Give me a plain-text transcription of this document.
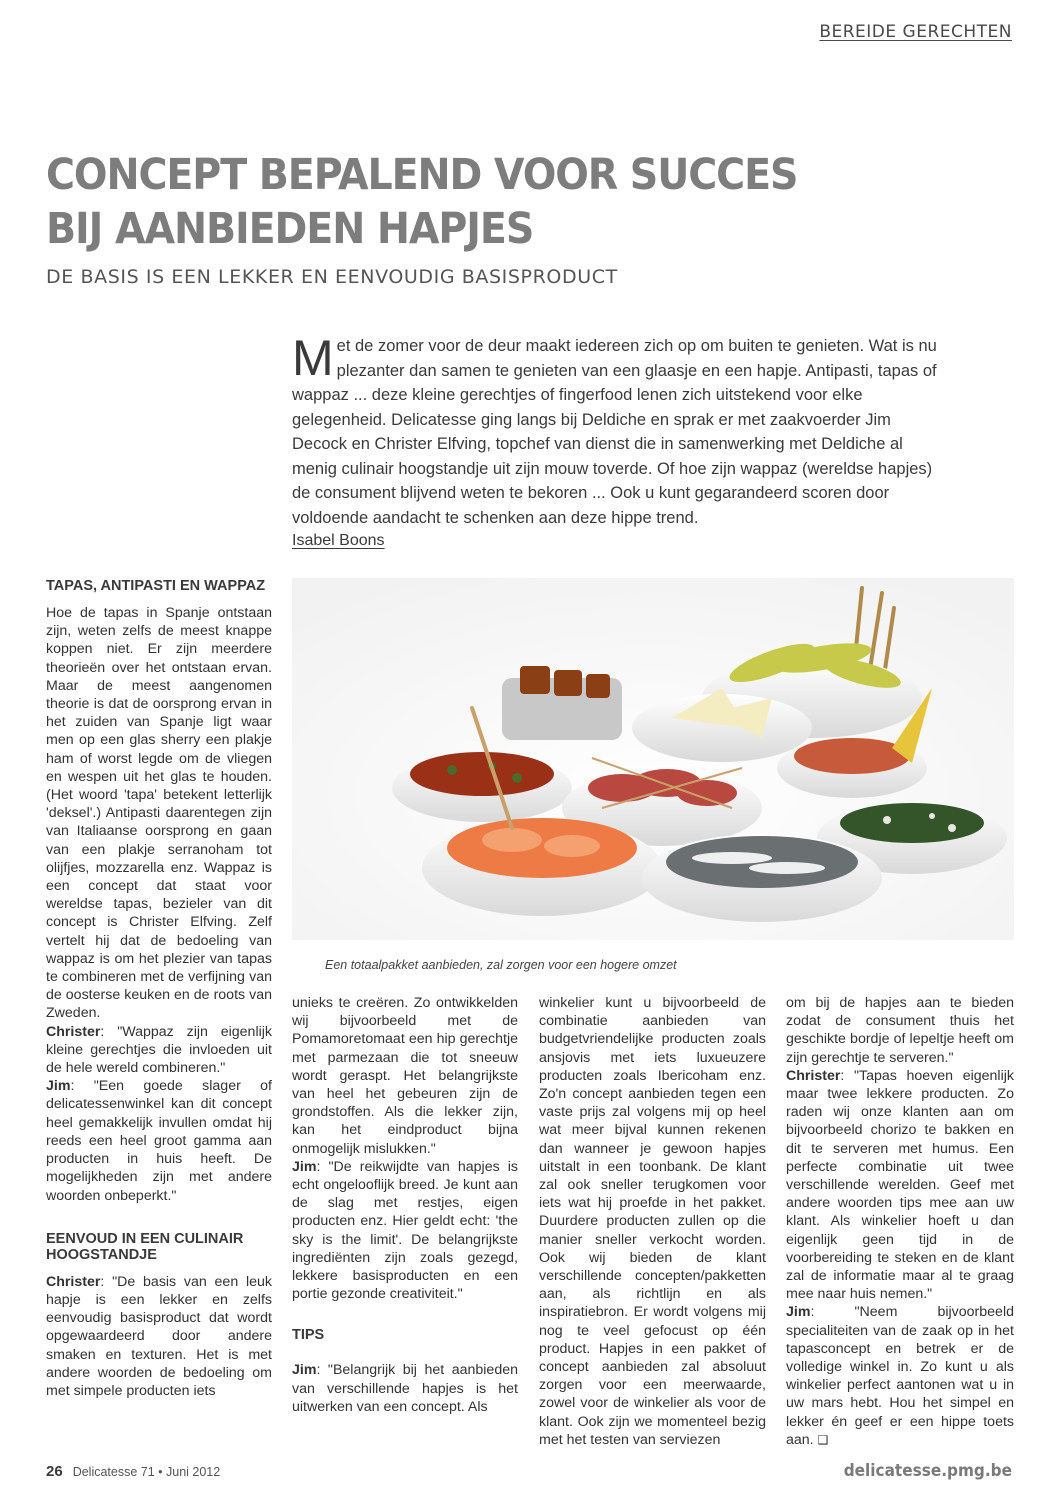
BEREIDE GERECHTEN
CONCEPT BEPALEND VOOR SUCCES
BIJ AANBIEDEN HAPJES
DE BASIS IS EEN LEKKER EN EENVOUDIG BASISPRODUCT
Met de zomer voor de deur maakt iedereen zich op om buiten te genieten. Wat is nu plezanter dan samen te genieten van een glaasje en een hapje. Antipasti, tapas of wappaz ... deze kleine gerechtjes of fingerfood lenen zich uitstekend voor elke gelegenheid. Delicatesse ging langs bij Deldiche en sprak er met zaakvoerder Jim Decock en Christer Elfving, topchef van dienst die in samenwerking met Deldiche al menig culinair hoogstandje uit zijn mouw toverde. Of hoe zijn wappaz (wereldse hapjes) de consument blijvend weten te bekoren ... Ook u kunt gegarandeerd scoren door voldoende aandacht te schenken aan deze hippe trend.
Isabel Boons
Een totaalpakket aanbieden, zal zorgen voor een hogere omzet
TAPAS, ANTIPASTI EN WAPPAZ

Hoe de tapas in Spanje ontstaan zijn, weten zelfs de meest knappe koppen niet. Er zijn meerdere theorieën over het ontstaan ervan. Maar de meest aangenomen theorie is dat de oorsprong ervan in het zuiden van Spanje ligt waar men op een glas sherry een plakje ham of worst legde om de vliegen en wespen uit het glas te houden. (Het woord 'tapa' betekent letterlijk 'deksel'.) Antipasti daarentegen zijn van Italiaanse oorsprong en gaan van een plakje serranoham tot olijfjes, mozzarella enz. Wappaz is een concept dat staat voor wereldse tapas, bezieler van dit concept is Christer Elfving. Zelf vertelt hij dat de bedoeling van wappaz is om het plezier van tapas te combineren met de verfijning van de oosterse keuken en de roots van Zweden.

Christer: "Wappaz zijn eigenlijk kleine gerechtjes die invloeden uit de hele wereld combineren."

Jim: "Een goede slager of delicatessenwinkel kan dit concept heel gemakkelijk invullen omdat hij reeds een heel groot gamma aan producten in huis heeft. De mogelijkheden zijn met andere woorden onbeperkt."

EENVOUD IN EEN CULINAIR HOOGSTANDJE

Christer: "De basis van een leuk hapje is een lekker en zelfs eenvoudig basisproduct dat wordt opgewaardeerd door andere smaken en texturen. Het is met andere woorden de bedoeling om met simpele producten iets

unieks te creëren. Zo ontwikkelden wij bijvoorbeeld met de Pomamoretomaat een hip gerechtje met parmezaan die tot sneeuw wordt geraspt. Het belangrijkste van heel het gebeuren zijn de grondstoffen. Als die lekker zijn, kan het eindproduct bijna onmogelijk mislukken."

Jim: "De reikwijdte van hapjes is echt ongelooflijk breed. Je kunt aan de slag met restjes, eigen producten enz. Hier geldt echt: 'the sky is the limit'. De belangrijkste ingrediënten zijn zoals gezegd, lekkere basisproducten en een portie gezonde creativiteit."

TIPS

Jim: "Belangrijk bij het aanbieden van verschillende hapjes is het uitwerken van een concept. Als

winkelier kunt u bijvoorbeeld de combinatie aanbieden van budgetvriendelijke producten zoals ansjovis met iets luxueuzere producten zoals Ibericoham enz. Zo'n concept aanbieden tegen een vaste prijs zal volgens mij op heel wat meer bijval kunnen rekenen dan wanneer je gewoon hapjes uitstalt in een toonbank. De klant zal ook sneller terugkomen voor iets wat hij proefde in het pakket. Duurdere producten zullen op die manier sneller verkocht worden. Ook wij bieden de klant verschillende concepten/pakketten aan, als richtlijn en als inspiratiebron. Er wordt volgens mij nog te veel gefocust op één product. Hapjes in een pakket of concept aanbieden zal absoluut zorgen voor een meerwaarde, zowel voor de winkelier als voor de klant. Ook zijn we momenteel bezig met het testen van serviezen

om bij de hapjes aan te bieden zodat de consument thuis het geschikte bordje of lepeltje heeft om zijn gerechtje te serveren."

Christer: "Tapas hoeven eigenlijk maar twee lekkere producten. Zo raden wij onze klanten aan om bijvoorbeeld chorizo te bakken en dit te serveren met humus. Een perfecte combinatie uit twee verschillende werelden. Geef met andere woorden tips mee aan uw klant. Als winkelier hoeft u dan eigenlijk geen tijd in de voorbereiding te steken en de klant zal de informatie maar al te graag mee naar huis nemen."

Jim: "Neem bijvoorbeeld specialiteiten van de zaak op in het tapasconcept en betrek er de volledige winkel in. Zo kunt u als winkelier perfect aantonen wat u in uw mars hebt. Hou het simpel en lekker én geef er een hippe toets aan. ❑

26 Delicatesse 71 • Juni 2012	delicatesse.pmg.be
